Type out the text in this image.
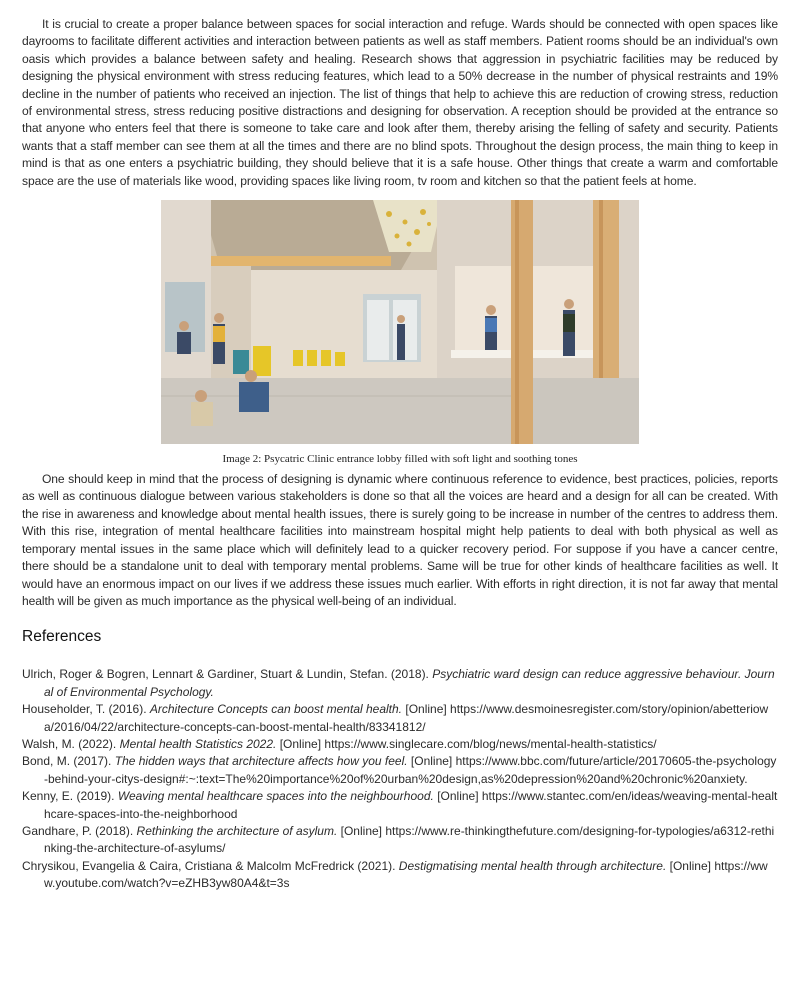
It is crucial to create a proper balance between spaces for social interaction and refuge. Wards should be connected with open spaces like dayrooms to facilitate different activities and interaction between patients as well as staff members. Patient rooms should be an individual's own oasis which provides a balance between safety and healing. Research shows that aggression in psychiatric facilities may be reduced by designing the physical environment with stress reducing features, which lead to a 50% decrease in the number of physical restraints and 19% decline in the number of patients who received an injection. The list of things that help to achieve this are reduction of crowing stress, reduction of environmental stress, stress reducing positive distractions and designing for observation. A reception should be provided at the entrance so that anyone who enters feel that there is someone to take care and look after them, thereby arising the felling of safety and security. Patients wants that a staff member can see them at all the times and there are no blind spots. Throughout the design process, the main thing to keep in mind is that as one enters a psychiatric building, they should believe that it is a safe house. Other things that create a warm and comfortable space are the use of materials like wood, providing spaces like living room, tv room and kitchen so that the patient feels at home.

Image 2: Psycatric Clinic entrance lobby filled with soft light and soothing tones

One should keep in mind that the process of designing is dynamic where continuous reference to evidence, best practices, policies, reports as well as continuous dialogue between various stakeholders is done so that all the voices are heard and a design for all can be created. With the rise in awareness and knowledge about mental health issues, there is surely going to be increase in number of the centres to address them. With this rise, integration of mental healthcare facilities into mainstream hospital might help patients to deal with both physical as well as temporary mental issues in the same place which will definitely lead to a quicker recovery period. For suppose if you have a cancer centre, there should be a standalone unit to deal with temporary mental problems. Same will be true for other kinds of healthcare facilities as well. It would have an enormous impact on our lives if we address these issues much earlier. With efforts in right direction, it is not far away that mental health will be given as much importance as the physical well-being of an individual.

References

Ulrich, Roger & Bogren, Lennart & Gardiner, Stuart & Lundin, Stefan. (2018). Psychiatric ward design can reduce aggressive behaviour. Journal of Environmental Psychology.

Householder, T. (2016). Architecture Concepts can boost mental health. [Online] https://www.desmoinesregister.com/story/opinion/abetteriowa/2016/04/22/architecture-concepts-can-boost-mental-health/83341812/

Walsh, M. (2022). Mental health Statistics 2022. [Online] https://www.singlecare.com/blog/news/mental-health-statistics/

Bond, M. (2017). The hidden ways that architecture affects how you feel. [Online] https://www.bbc.com/future/article/20170605-the-psychology-behind-your-citys-design#:~:text=The%20importance%20of%20urban%20design,as%20depression%20and%20chronic%20anxiety.

Kenny, E. (2019). Weaving mental healthcare spaces into the neighbourhood. [Online] https://www.stantec.com/en/ideas/weaving-mental-healthcare-spaces-into-the-neighborhood

Gandhare, P. (2018). Rethinking the architecture of asylum. [Online] https://www.re-thinkingthefuture.com/designing-for-typologies/a6312-rethinking-the-architecture-of-asylums/

Chrysikou, Evangelia & Caira, Cristiana & Malcolm McFredrick (2021). Destigmatising mental health through architecture. [Online] https://www.youtube.com/watch?v=eZHB3yw80A4&t=3s
